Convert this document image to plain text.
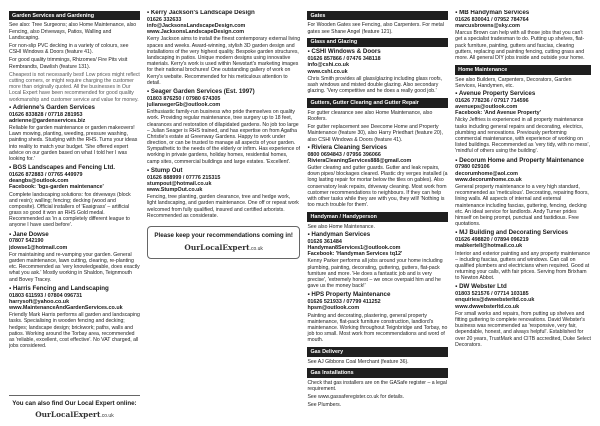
Garden Services and Gardening
See also: Tree Surgeons; also Home Maintenance, also Fencing, also Driveways, Patios, Walling and Landscaping.
For non-slip PVC decking in a variety of colours, see CSHI Windows & Doors (feature 41).
For good quality trimmings, Rhizomes/ Fire Pits visit Rembrandts, Dawlish (feature 131).
Cheapest is not necessarily best! Low prices might reflect cutting corners, or might require charging the customer more than originally quoted. All the businesses in Our Local Expert have been recommended for good quality workmanship and customer service and value for money.
▪ Adrienne's Garden Services
01626 833828 / 07718 281953
adrienne@gardenservices.biz
Reliable for garden maintenance or garden makeovers! Lawn mowing, planting, weeding, pressure washing, painting sheds. Studying with the RHS. Turns your ideas into reality to match your budget. 'She offered expert advice on our garden based on what I told her I was looking for.'
▪ BGS Landscapes and Fencing Ltd.
01626 872883 / 07765 449979
deangbs@outlook.com
Facebook: 'bgs-garden maintenance'
Complete landscaping solutions: fox driveways (block and resin); walling; fencing; decking (wood and composite). Official installers of 'Easigrass' – artificial grass so good it won an RHS Gold medal. Recommended as 'in a completely different league to anyone I have used before'.
▪ Jane Dowse
07807 542190
jdowse1@hotmail.com
For maintaining and re-vamping your garden. General garden maintenance, lawn cutting, clearing, re-planting etc. Recommended as 'very knowledgeable, does exactly what you ask.' Mostly working in Shaldon, Teignmouth and Bovey Tracey.
▪ Harris Fencing and Landscaping
01803 611593 / 07804 096731
harrysoft@yahoo.co.uk
www.MaintenanceAndGardenServices.co.uk
Friendly Mark Harris performs all garden and landscaping tasks. Specialising in wooden fencing and decking; hedges; landscape design; brickwork; paths, walls and patios. Working around the Torbay area, recommended as 'reliable, excellent, cost effective'. No VAT charged, all jobs considered.
You can also find Our Local Expert online:
OurLocalExpert.co.uk
▪ Kerry Jackson's Landscape Design
01626 332633
info@JacksonsLandscapeDesign.com
www.JacksonsLandscapeDesign.com
Kerry Jackson aims to install the finest contemporary external living spaces and weeks. Award-winning, stylish 3D garden design and installations of the very highest quality. Bespoke garden structures, landscaping in patios. Unique modern designs using innovative materials. Kerry's work is used within Newstart's marketing images for their national brochures! One outstanding gallery of work on Kerry's website. Recommended for his meticulous attention to detail.
▪ Seager Garden Services (Est. 1997)
01803 876250 / 07980 674305
juliansegerGb@outlook.com
Enthusiastic family-run business who pride themselves on quality work. Providing regular maintenance, tree surgery up to 18 feet, clearances and restoration of dilapidated gardens. No job too large – Julian Seager is RHS trained, and has expertise on from Agatha Christie's estate at Greenway Gardens. Happy to work under direction, or can be trusted to manage all aspects of your garden. Sympathetic to the needs of the elderly or infirm. Has experience of working in private gardens, holiday homes, residential homes, camp sites, commercial buildings and large estates. 'Excellent'.
▪ Stump Out
01626 888999 / 07776 215315
stumpout@hotmail.co.uk
www.StumpOut.co.uk
Fencing, tree planting, garden clearance, tree and hedge work, light landscaping, and garden maintenance. One off or repeat work welcomed from fully qualified, insured and certified arborists. Recommended as considerate.
Please keep your recommendations coming in!
OurLocalExpert.co.uk
Gates
For Wooden Gates see Fencing, also Carpenters. For metal gates see Shane Angel (feature 121).
Glass and Glazing
▪ CSHI Windows & Doors
01626 857866 / 07476 348118
info@cshi.co.uk
www.cshi.co.uk
Chris Smith provides all glass/glazing including glass roofs, sash windows and misted double glazing. Also secondary glazing. 'Very competitive and he does a really good job.'
Gutters, Gutter Clearing and Gutter Repair
For gutter clearance see also Home Maintenance, also Roofers.
For gutter replacement see Deecome Home and Property Maintenance (feature 30), also Harry Priedhart (feature 20), also CSHI Windows & Doors (feature 41).
▪ Riviera Cleaning Services
0800 0694843 / 07956 396066
RivieraCleaningServices888@gmail.com
Gutter clearing and gutter guards. Gutter and leak repairs, down pipes/ blockages cleared. Plastic dry verges installed (a long lasting repair for mortar below the tiles on gables). Also conservatory leak repairs, driveway cleaning. Most work from customer recommendations to neighbours. If they can help with other tasks while they are with you, they will! 'Nothing is too much trouble for them'.
Handyman / Handyperson
See also Home Maintenance.
▪ Handyman Services
01626 361484
Handyman8Services1@outlook.com
Facebook: 'Handyman Services tq12'
Kenny Parker performs all jobs around your home including plumbing, painting, decorating, guttering, gutters, flat-pack furniture and more. 'He does a fantastic job and is very precise', 'extremely honest – we once overpaid him and he gave us the money back!'
▪ HPS Property Maintenance
01626 521933 / 07799 411252
hpsm@outlook.com
Painting and decorating, plastering, general property maintenance, flat-pack furniture construction, landlord's maintenance. Working throughout Teignbridge and Torbay, no job too small. Most work from recommendations and word of mouth.
Gas Delivery
See AJ Gibbons Coal Merchant (feature 36).
Gas Installations
Check that gas installers are on the GASafe register – a legal requirement.
See www.gassaferegister.co.uk for details.
See Plumbers.
▪ MB Handyman Services
01626 830041 / 07952 784764
marcusbrowns@sky.com
Marcus Brown can help with all those jobs that you can't get a specialist tradesman to do. Putting up shelves, flat-pack furniture, painting, gutters and fascias, clearing gutters, replacing and painting fencing, cutting grass and more. All general DIY jobs inside and outside your home.
Home Maintenance
See also Builders, Carpenters, Decorators, Garden Services, Handymen, etc.
▪ Avenue Property Services
01626 778236 / 07917 714596
avenueps@outlook.com
Facebook: 'And Avenue Property'
Nicky Jeffries is experienced in all property maintenance tasks including general repairs and decorating, electrics, plumbing and renovations. Previously performing commercial maintenance, with experience of working on listed buildings. Recommended as 'very tidy, with no mess', 'mindful of others using the building'.
▪ Decorum Home and Property Maintenance
07980 029106
decorumhome@aol.com
www.decorumhome.co.uk
General property maintenance to a very high standard, recommended as 'meticulous'. Decorating, repairing floors, lining walls. All aspects of internal and external maintenance including fascias, guttering, fencing, decking etc. An ideal service for landlords. Andy Turner prides himself on being prompt, punctual and fastidious. Free quotations.
▪ MJ Building and Decorating Services
01626 498820 / 07894 096219
mabkertell@hotmail.co.uk
Interior and exterior painting and any property maintenance – including fascias, gutters and windows. Can call on qualified plumbers and electricians when required. Good at returning your calls, with fair prices. Serving from Brixham to Newton Abbot.
▪ DW Webster Ltd
01803 521576 / 07714 103185
enquiries@dwwebsterltd.co.uk
www.dwwebsterltd.co.uk
For small works and repairs, from putting up shelves and fitting guttering to complete renovations. David Webster's business was recommended as 'responsive, very fair, dependable, honest, and always helpful'. Established for over 20 years, TrustMark and CITB accredited, Duke Select Decorators.
